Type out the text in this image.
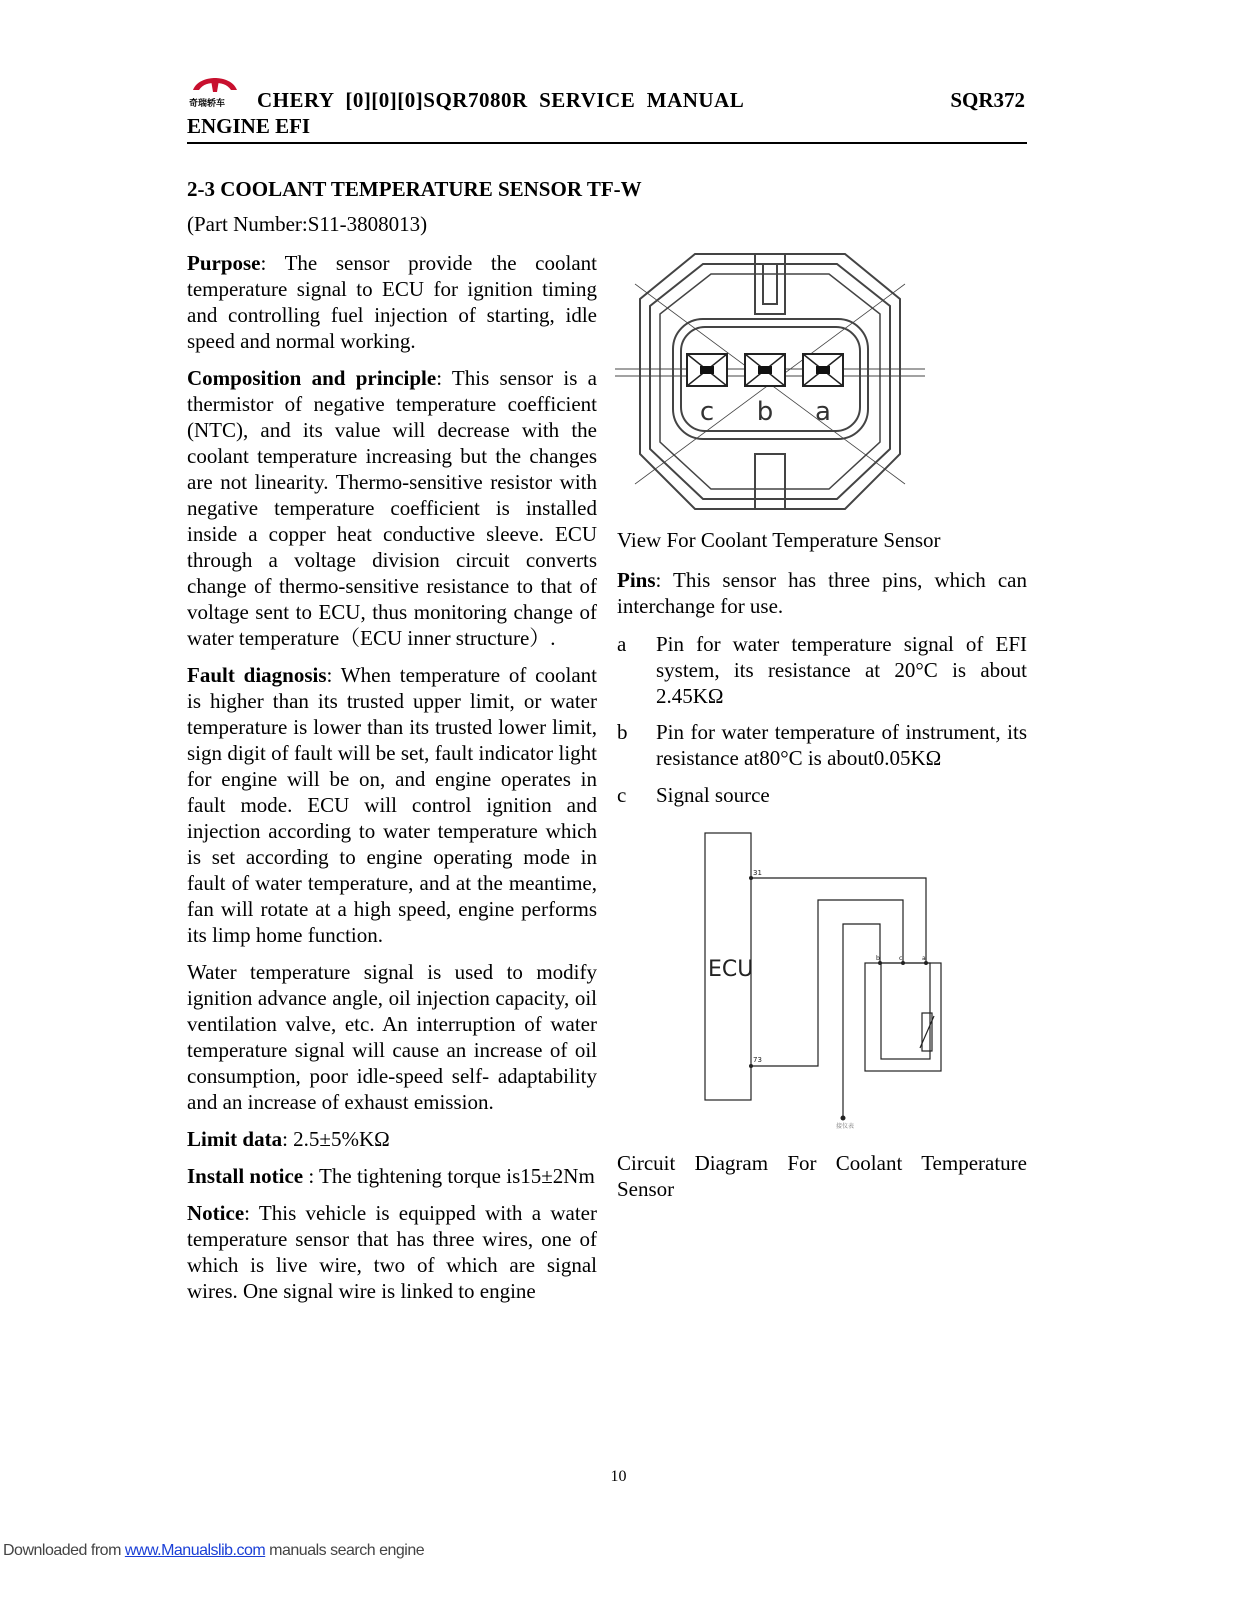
奇瑞轿车 CHERY  [0][0][0]SQR7080R  SERVICE  MANUAL	SQR372
ENGINE EFI
2-3 COOLANT TEMPERATURE SENSOR TF-W
(Part Number:S11-3808013)

Purpose: The sensor provide the coolant temperature signal to ECU for ignition timing and controlling fuel injection of starting, idle speed and normal working.

Composition and principle: This sensor is a thermistor of negative temperature coefficient (NTC), and its value will decrease with the coolant temperature increasing but the changes are not linearity. Thermo-sensitive resistor with negative temperature coefficient is installed inside a copper heat conductive sleeve. ECU through a voltage division circuit converts change of thermo-sensitive resistance to that of voltage sent to ECU, thus monitoring change of water temperature（ECU inner structure）.

Fault diagnosis: When temperature of coolant is higher than its trusted upper limit, or water temperature is lower than its trusted lower limit, sign digit of fault will be set, fault indicator light for engine will be on, and engine operates in fault mode. ECU will control ignition and injection according to water temperature which is set according to engine operating mode in fault of water temperature, and at the meantime, fan will rotate at a high speed, engine performs its limp home function.

Water temperature signal is used to modify ignition advance angle, oil injection capacity, oil ventilation valve, etc. An interruption of water temperature signal will cause an increase of oil consumption, poor idle-speed self- adaptability and an increase of exhaust emission.

Limit data: 2.5±5%KΩ

Install notice : The tightening torque is15±2Nm

Notice: This vehicle is equipped with a water temperature sensor that has three wires, one of which is live wire, two of which are signal wires. One signal wire is linked to engine

c b a
View For Coolant Temperature Sensor
Pins: This sensor has three pins, which can interchange for use.
a Pin for water temperature signal of EFI system, its resistance at 20°C is about 2.45KΩ
b Pin for water temperature of instrument, its resistance at80°C is about0.05KΩ
c Signal source
ECU
31
73
b	c	a
接仪表
Circuit Diagram For Coolant Temperature Sensor
10
Downloaded from www.Manualslib.com manuals search engine
